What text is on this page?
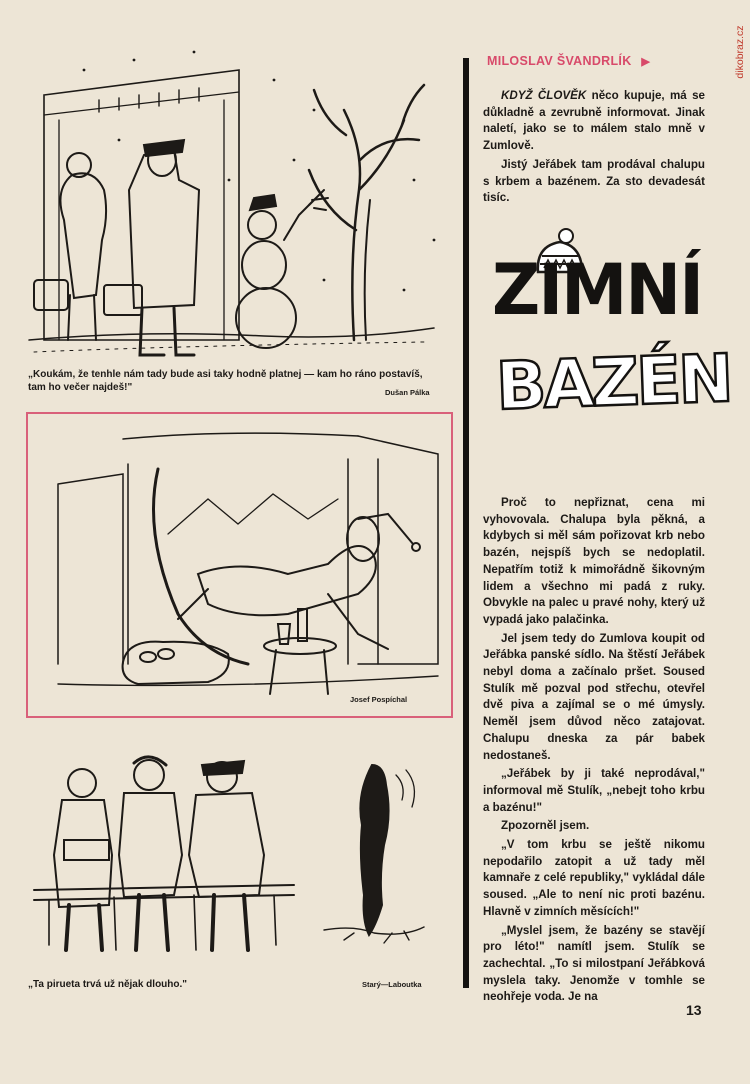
dikobraz.cz
„Koukám, že tenhle nám tady bude asi taky hodně platnej — kam ho ráno postavíš, tam ho večer najdeš!"	Dušan Pálka
Josef Pospíchal
„Ta pirueta trvá už nějak dlouho."	Starý—Laboutka
MILOSLAV ŠVANDRLÍK ▶

KDYŽ ČLOVĚK něco kupuje, má se důkladně a zevrubně informovat. Jinak naletí, jako se to málem stalo mně v Zumlově.

Jistý Jeřábek tam prodával chalupu s krbem a bazénem. Za sto devadesát tisíc.

ZIMNÍ
BAZÉN

Proč to nepřiznat, cena mi vyhovovala. Chalupa byla pěkná, a kdybych si měl sám pořizovat krb nebo bazén, nejspíš bych se nedoplatil. Nepatřím totiž k mimořádně šikovným lidem a všechno mi padá z ruky. Obvykle na palec u pravé nohy, který už vypadá jako palačinka.

Jel jsem tedy do Zumlova koupit od Jeřábka panské sídlo. Na štěstí Jeřábek nebyl doma a začínalo pršet. Soused Stulík mě pozval pod střechu, otevřel dvě piva a zajímal se o mé úmysly. Neměl jsem důvod něco zatajovat. Chalupu dneska za pár babek nedostaneš.

„Jeřábek by ji také neprodával," informoval mě Stulík, „nebejt toho krbu a bazénu!"

Zpozorněl jsem.

„V tom krbu se ještě nikomu nepodařilo zatopit a už tady měl kamnaře z celé republiky," vykládal dále soused. „Ale to není nic proti bazénu. Hlavně v zimních měsících!"

„Myslel jsem, že bazény se stavějí pro léto!" namítl jsem. Stulík se zachechtal. „To si milostpaní Jeřábková myslela taky. Jenomže v tomhle se neohřeje voda. Je na

13
